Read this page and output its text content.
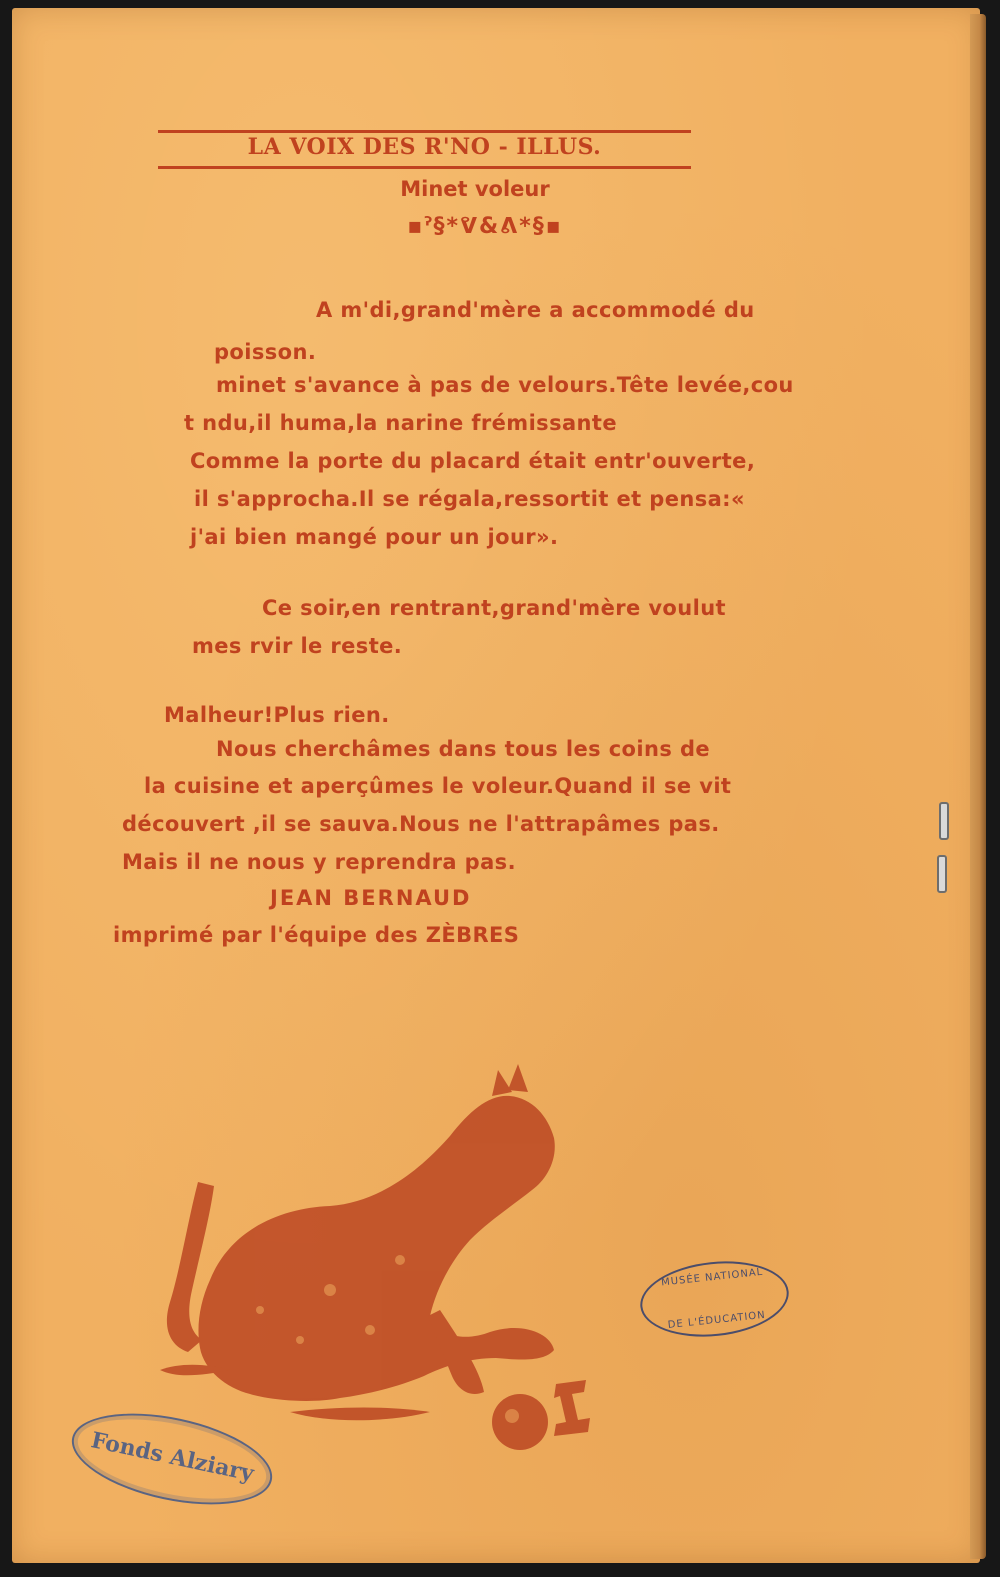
LA VOIX DES R'NO - ILLUS.
Minet voleur
▪ˀ§*ᕓ&ᕕ*§▪
A m'di,grand'mère a accommodé du
poisson.
minet s'avance à pas de velours.Tête levée,cou
t ndu,il huma,la narine frémissante
Comme la porte du placard était entr'ouverte,
il s'approcha.Il se régala,ressortit et pensa:«
j'ai bien mangé pour un jour».
Ce soir,en rentrant,grand'mère voulut
mes rvir le reste.
Malheur!Plus rien.
Nous cherchâmes dans tous les coins de
la cuisine et aperçûmes le voleur.Quand il se vit
découvert ,il se sauva.Nous ne l'attrapâmes pas.
Mais il ne nous y reprendra pas.
JEAN BERNAUD
imprimé par l'équipe des ZÈBRES
MUSÉE NATIONAL
DE L'ÉDUCATION
Fonds Alziary
